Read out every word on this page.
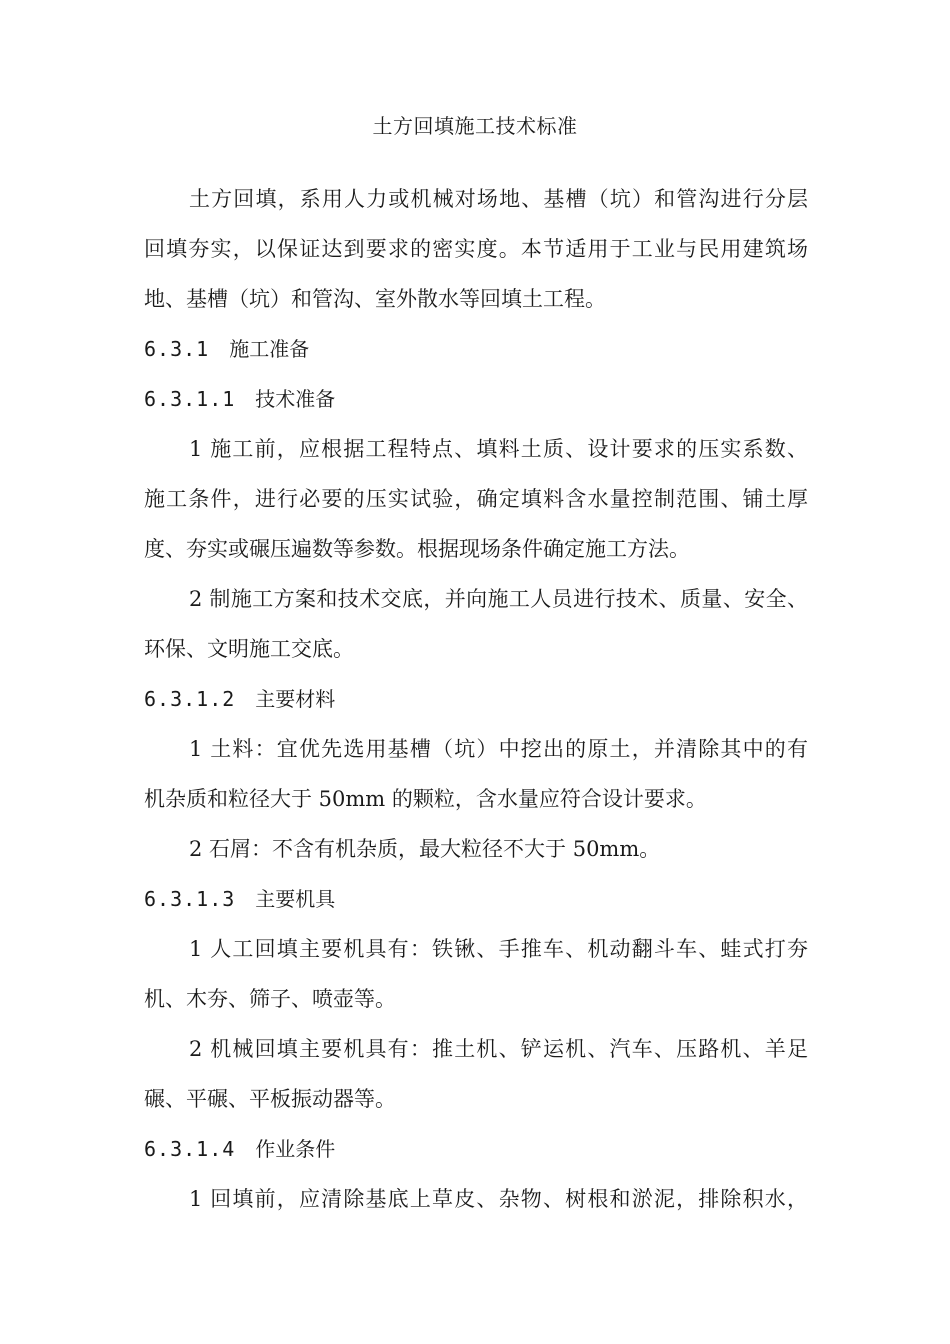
土方回填施工技术标准
土方回填，系用人力或机械对场地、基槽（坑）和管沟进行分层
回填夯实，以保证达到要求的密实度。本节适用于工业与民用建筑场
地、基槽（坑）和管沟、室外散水等回填土工程。
6.3.1 施工准备
6.3.1.1 技术准备
1 施工前，应根据工程特点、填料土质、设计要求的压实系数、
施工条件，进行必要的压实试验，确定填料含水量控制范围、铺土厚
度、夯实或碾压遍数等参数。根据现场条件确定施工方法。
2 制施工方案和技术交底，并向施工人员进行技术、质量、安全、
环保、文明施工交底。
6.3.1.2 主要材料
1 土料：宜优先选用基槽（坑）中挖出的原土，并清除其中的有
机杂质和粒径大于 50mm 的颗粒，含水量应符合设计要求。
2 石屑：不含有机杂质，最大粒径不大于 50mm。
6.3.1.3 主要机具
1 人工回填主要机具有：铁锹、手推车、机动翻斗车、蛙式打夯
机、木夯、筛子、喷壶等。
2 机械回填主要机具有：推土机、铲运机、汽车、压路机、羊足
碾、平碾、平板振动器等。
6.3.1.4 作业条件
1 回填前，应清除基底上草皮、杂物、树根和淤泥，排除积水，
